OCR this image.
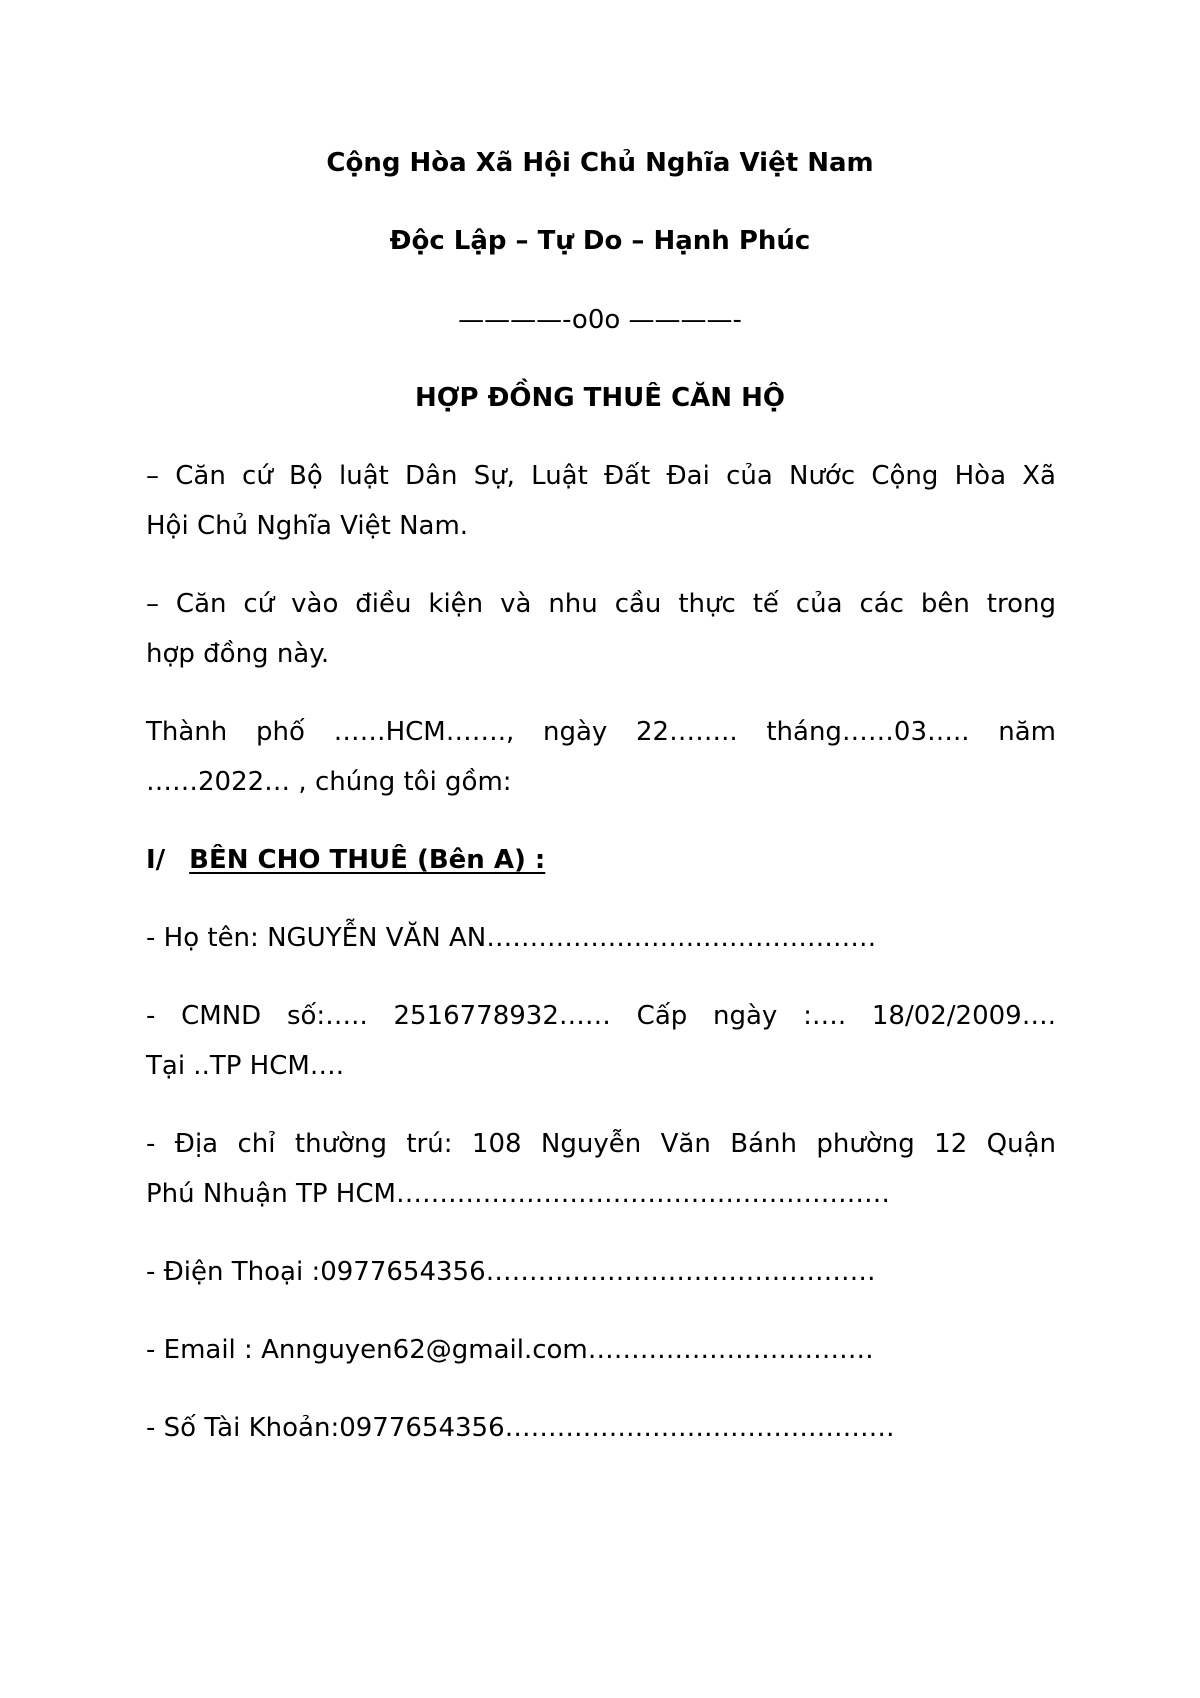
Cộng Hòa Xã Hội Chủ Nghĩa Việt Nam
Độc Lập – Tự Do – Hạnh Phúc
————-o0o ————-
HỢP ĐỒNG THUÊ CĂN HỘ
– Căn cứ Bộ luật Dân Sự, Luật Đất Đai của Nước Cộng Hòa Xã
Hội Chủ Nghĩa Việt Nam.
– Căn cứ vào điều kiện và nhu cầu thực tế của các bên trong
hợp đồng này.
Thành phố ……HCM……., ngày 22…….. tháng……03….. năm
……2022… , chúng tôi gồm:
I/ BÊN CHO THUÊ (Bên A) :
- Họ tên: NGUYỄN VĂN AN………………………………………
- CMND số:….. 2516778932…… Cấp ngày :…. 18/02/2009….
Tại ..TP HCM….
- Địa chỉ thường trú: 108 Nguyễn Văn Bánh phường 12 Quận
Phú Nhuận TP HCM…………………………………………………
- Điện Thoại :0977654356………………………………………
- Email : Annguyen62@gmail.com……………………………
- Số Tài Khoản:0977654356………………………………………
